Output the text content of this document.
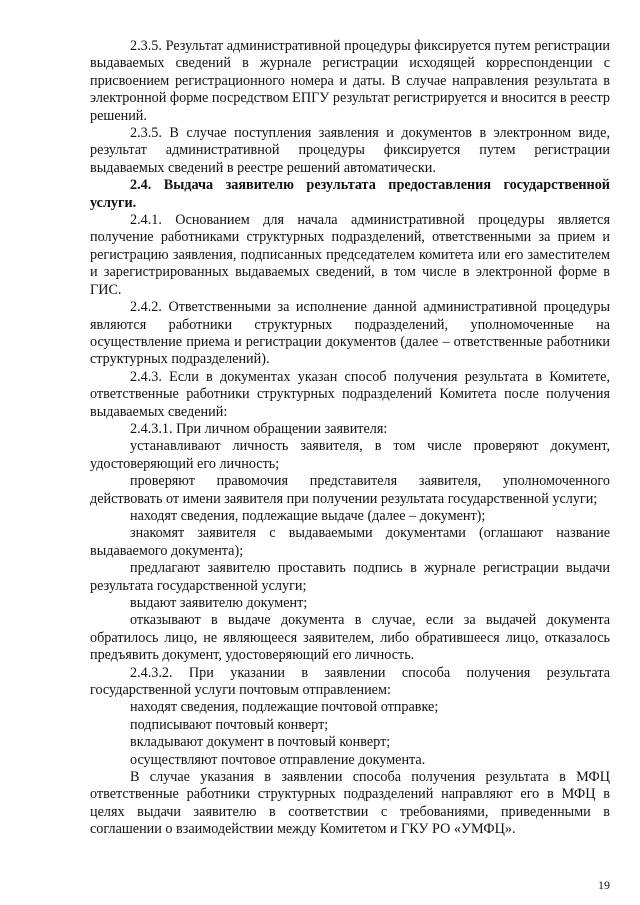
2.3.5. Результат административной процедуры фиксируется путем регистрации выдаваемых сведений в журнале регистрации исходящей корреспонденции с присвоением регистрационного номера и даты. В случае направления результата в электронной форме посредством ЕПГУ результат регистрируется и вносится в реестр решений.

2.3.5. В случае поступления заявления и документов в электронном виде, результат административной процедуры фиксируется путем регистрации выдаваемых сведений в реестре решений автоматически.

2.4. Выдача заявителю результата предоставления государственной услуги.

2.4.1. Основанием для начала административной процедуры является получение работниками структурных подразделений, ответственными за прием и регистрацию заявления, подписанных председателем комитета или его заместителем и зарегистрированных выдаваемых сведений, в том числе в электронной форме в ГИС.

2.4.2. Ответственными за исполнение данной административной процедуры являются работники структурных подразделений, уполномоченные на осуществление приема и регистрации документов (далее – ответственные работники структурных подразделений).

2.4.3. Если в документах указан способ получения результата в Комитете, ответственные работники структурных подразделений Комитета после получения выдаваемых сведений:

2.4.3.1. При личном обращении заявителя:

устанавливают личность заявителя, в том числе проверяют документ, удостоверяющий его личность;

проверяют правомочия представителя заявителя, уполномоченного действовать от имени заявителя при получении результата государственной услуги;

находят сведения, подлежащие выдаче (далее – документ);

знакомят заявителя с выдаваемыми документами (оглашают название выдаваемого документа);

предлагают заявителю проставить подпись в журнале регистрации выдачи результата государственной услуги;

выдают заявителю документ;

отказывают в выдаче документа в случае, если за выдачей документа обратилось лицо, не являющееся заявителем, либо обратившееся лицо, отказалось предъявить документ, удостоверяющий его личность.

2.4.3.2. При указании в заявлении способа получения результата государственной услуги почтовым отправлением:

находят сведения, подлежащие почтовой отправке;

подписывают почтовый конверт;

вкладывают документ в почтовый конверт;

осуществляют почтовое отправление документа.

В случае указания в заявлении способа получения результата в МФЦ ответственные работники структурных подразделений направляют его в МФЦ в целях выдачи заявителю в соответствии с требованиями, приведенными в соглашении о взаимодействии между Комитетом и ГКУ РО «УМФЦ».

19
